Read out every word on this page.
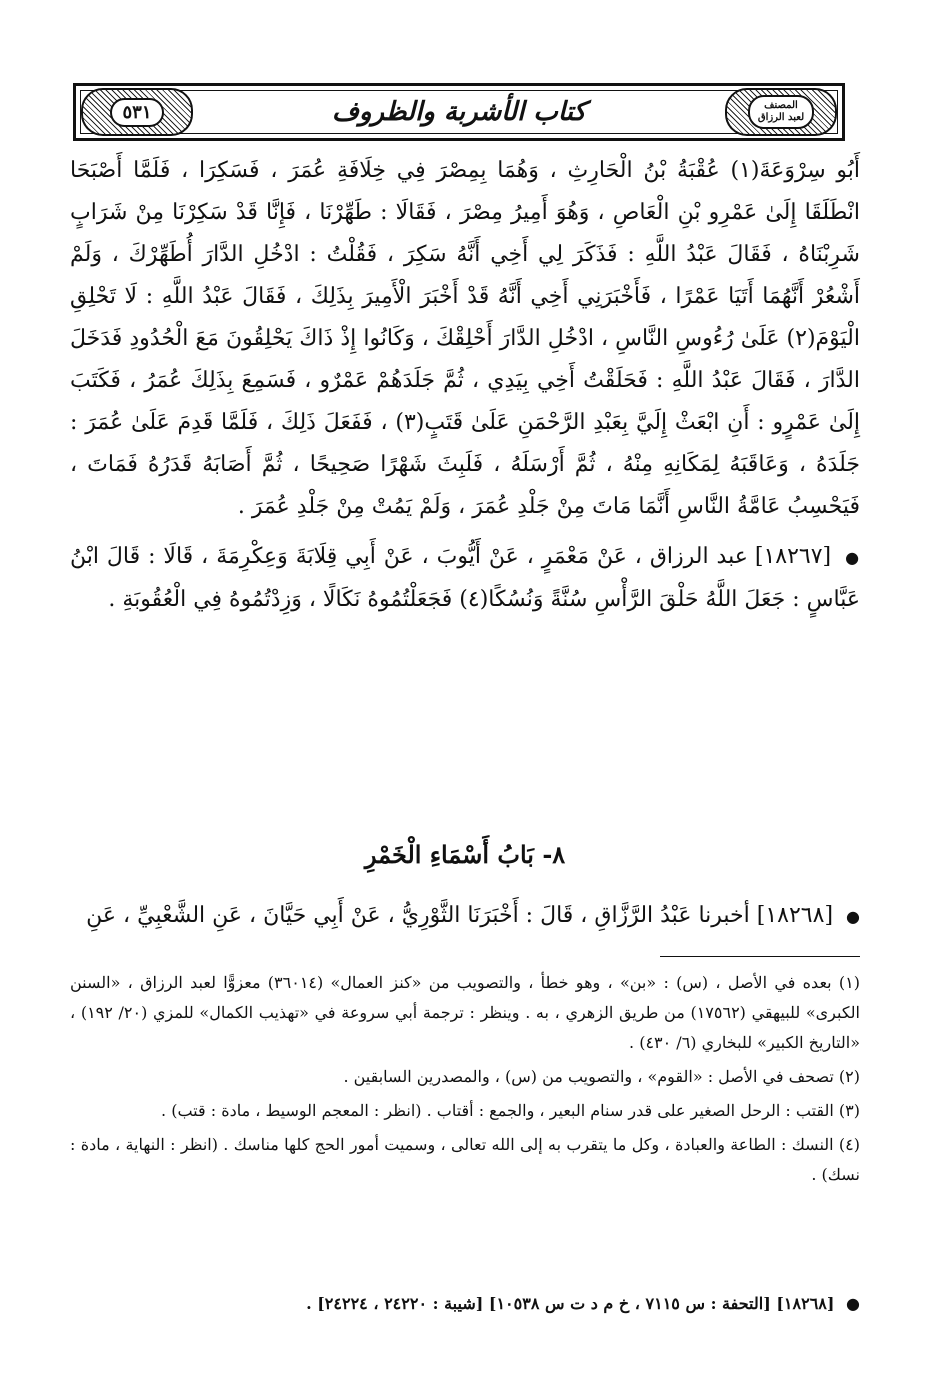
٥٣١	كتاب الأشربة والظروف	المصنف
لعبد الرزاق

أَبُو سِرْوَعَةَ(١) عُقْبَةُ بْنُ الْحَارِثِ ، وَهُمَا بِمِصْرَ فِي خِلَافَةِ عُمَرَ ، فَسَكِرَا ، فَلَمَّا أَصْبَحَا انْطَلَقَا إِلَىٰ عَمْرِو بْنِ الْعَاصِ ، وَهُوَ أَمِيرُ مِصْرَ ، فَقَالَا : طَهِّرْنَا ، فَإِنَّا قَدْ سَكِرْنَا مِنْ شَرَابٍ شَرِبْنَاهُ ، فَقَالَ عَبْدُ اللَّهِ : فَذَكَرَ لِي أَخِي أَنَّهُ سَكِرَ ، فَقُلْتُ : ادْخُلِ الدَّارَ أُطَهِّرْكَ ، وَلَمْ أَشْعُرْ أَنَّهُمَا أَتَيَا عَمْرًا ، فَأَخْبَرَنِي أَخِي أَنَّهُ قَدْ أَخْبَرَ الْأَمِيرَ بِذَلِكَ ، فَقَالَ عَبْدُ اللَّهِ : لَا تَحْلِقِ الْيَوْمَ(٢) عَلَىٰ رُءُوسِ النَّاسِ ، ادْخُلِ الدَّارَ أَحْلِقْكَ ، وَكَانُوا إِذْ ذَاكَ يَحْلِقُونَ مَعَ الْحُدُودِ فَدَخَلَ الدَّارَ ، فَقَالَ عَبْدُ اللَّهِ : فَحَلَقْتُ أَخِي بِيَدِي ، ثُمَّ جَلَدَهُمْ عَمْرٌو ، فَسَمِعَ بِذَلِكَ عُمَرُ ، فَكَتَبَ إِلَىٰ عَمْرٍو : أَنِ ابْعَثْ إِلَيَّ بِعَبْدِ الرَّحْمَنِ عَلَىٰ قَتَبٍ(٣) ، فَفَعَلَ ذَلِكَ ، فَلَمَّا قَدِمَ عَلَىٰ عُمَرَ : جَلَدَهُ ، وَعَاقَبَهُ لِمَكَانِهِ مِنْهُ ، ثُمَّ أَرْسَلَهُ ، فَلَبِثَ شَهْرًا صَحِيحًا ، ثُمَّ أَصَابَهُ قَدَرُهُ فَمَاتَ ، فَيَحْسِبُ عَامَّةُ النَّاسِ أَنَّمَا مَاتَ مِنْ جَلْدِ عُمَرَ ، وَلَمْ يَمُتْ مِنْ جَلْدِ عُمَرَ .

● [١٨٢٦٧] عبد الرزاق ، عَنْ مَعْمَرٍ ، عَنْ أَيُّوبَ ، عَنْ أَبِي قِلَابَةَ وَعِكْرِمَةَ ، قَالَا : قَالَ ابْنُ عَبَّاسٍ : جَعَلَ اللَّهُ حَلْقَ الرَّأْسِ سُنَّةً وَنُسُكًا(٤) فَجَعَلْتُمُوهُ نَكَالًا ، وَزِدْتُمُوهُ فِي الْعُقُوبَةِ .

٨- بَابُ أَسْمَاءِ الْخَمْرِ
● [١٨٢٦٨] أخبرنا عَبْدُ الرَّزَّاقِ ، قَالَ : أَخْبَرَنَا الثَّوْرِيُّ ، عَنْ أَبِي حَيَّانَ ، عَنِ الشَّعْبِيِّ ، عَنِ

(١) بعده في الأصل ، (س) : «بن» ، وهو خطأ ، والتصويب من «كنز العمال» (٣٦٠١٤) معزوًّا لعبد الرزاق ، «السنن الكبرى» للبيهقي (١٧٥٦٢) من طريق الزهري ، به . وينظر : ترجمة أبي سروعة في «تهذيب الكمال» للمزي (٢٠/ ١٩٢) ، «التاريخ الكبير» للبخاري (٦/ ٤٣٠) .

(٢) تصحف في الأصل : «القوم» ، والتصويب من (س) ، والمصدرين السابقين .

(٣) القتب : الرحل الصغير على قدر سنام البعير ، والجمع : أقتاب . (انظر : المعجم الوسيط ، مادة : قتب) .

(٤) النسك : الطاعة والعبادة ، وكل ما يتقرب به إلى الله تعالى ، وسميت أمور الحج كلها مناسك . (انظر : النهاية ، مادة : نسك) .

● [١٨٢٦٨] [التحفة : س ٧١١٥ ، خ م د ت س ١٠٥٣٨] [شيبة : ٢٤٢٢٠ ، ٢٤٢٢٤] .
